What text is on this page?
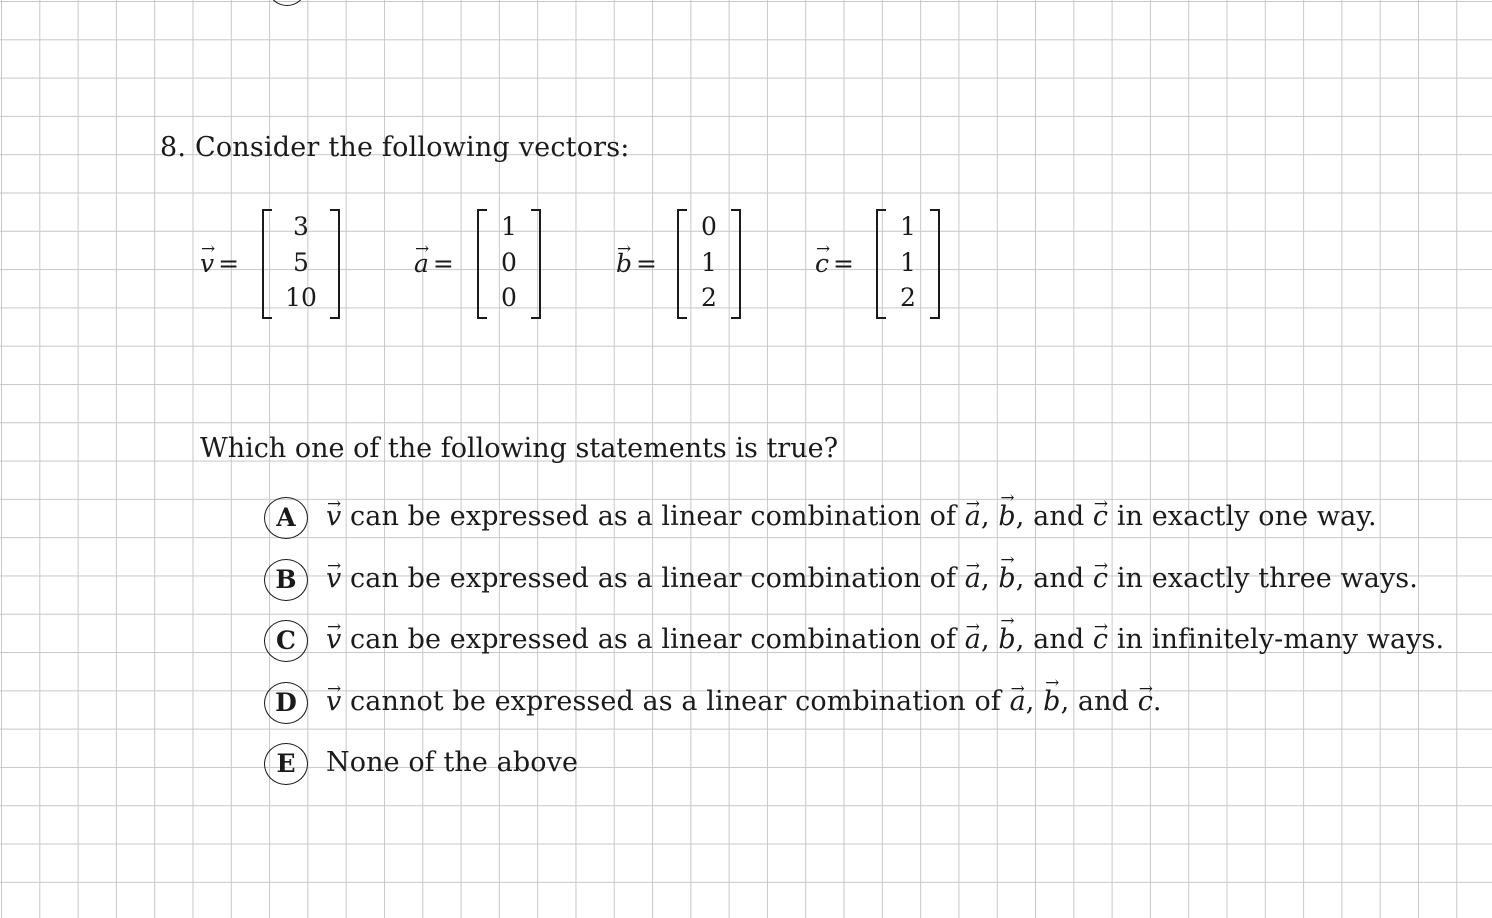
8. Consider the following vectors:
→ v =
3
5
10
→ a =
1
0
0
→ b =
0
1
2
→ c =
1
1
2
Which one of the following statements is true?
A	→ v can be expressed as a linear combination of → a, → b, and → c in exactly one way.
B	→ v can be expressed as a linear combination of → a, → b, and → c in exactly three ways.
C	→ v can be expressed as a linear combination of → a, → b, and → c in infinitely-many ways.
D	→ v cannot be expressed as a linear combination of → a, → b, and → c.
E	None of the above
